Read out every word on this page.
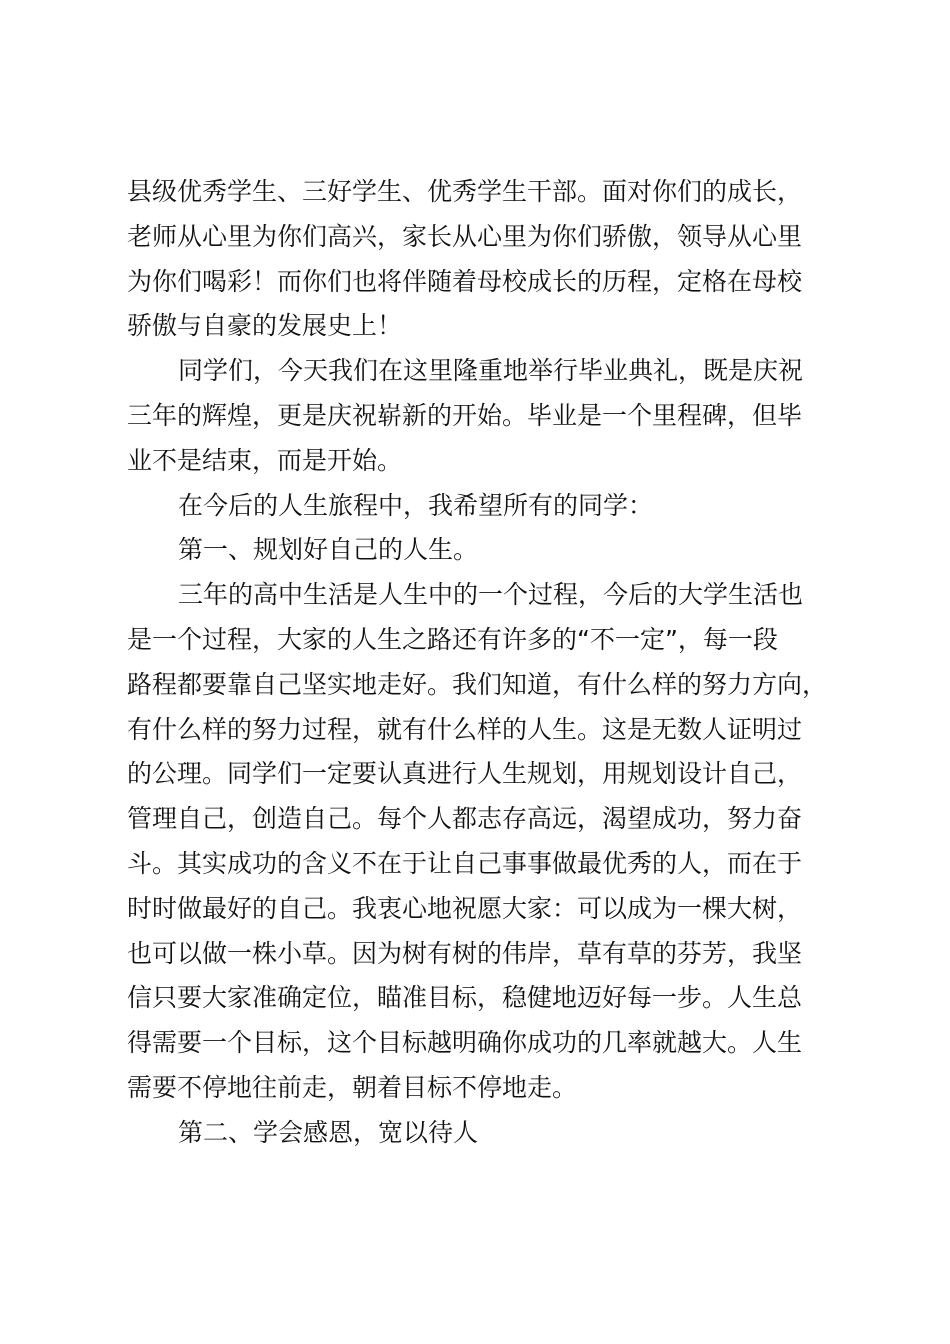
县级优秀学生、三好学生、优秀学生干部。面对你们的成长，
老师从心里为你们高兴，家长从心里为你们骄傲，领导从心里
为你们喝彩！而你们也将伴随着母校成长的历程，定格在母校
骄傲与自豪的发展史上！
同学们，今天我们在这里隆重地举行毕业典礼，既是庆祝
三年的辉煌，更是庆祝崭新的开始。毕业是一个里程碑，但毕
业不是结束，而是开始。
在今后的人生旅程中，我希望所有的同学：
第一、规划好自己的人生。
三年的高中生活是人生中的一个过程，今后的大学生活也
是一个过程，大家的人生之路还有许多的“不一定”，每一段
路程都要靠自己坚实地走好。我们知道，有什么样的努力方向，
有什么样的努力过程，就有什么样的人生。这是无数人证明过
的公理。同学们一定要认真进行人生规划，用规划设计自己，
管理自己，创造自己。每个人都志存高远，渴望成功，努力奋
斗。其实成功的含义不在于让自己事事做最优秀的人，而在于
时时做最好的自己。我衷心地祝愿大家：可以成为一棵大树，
也可以做一株小草。因为树有树的伟岸，草有草的芬芳，我坚
信只要大家准确定位，瞄准目标，稳健地迈好每一步。人生总
得需要一个目标，这个目标越明确你成功的几率就越大。人生
需要不停地往前走，朝着目标不停地走。
第二、学会感恩，宽以待人
